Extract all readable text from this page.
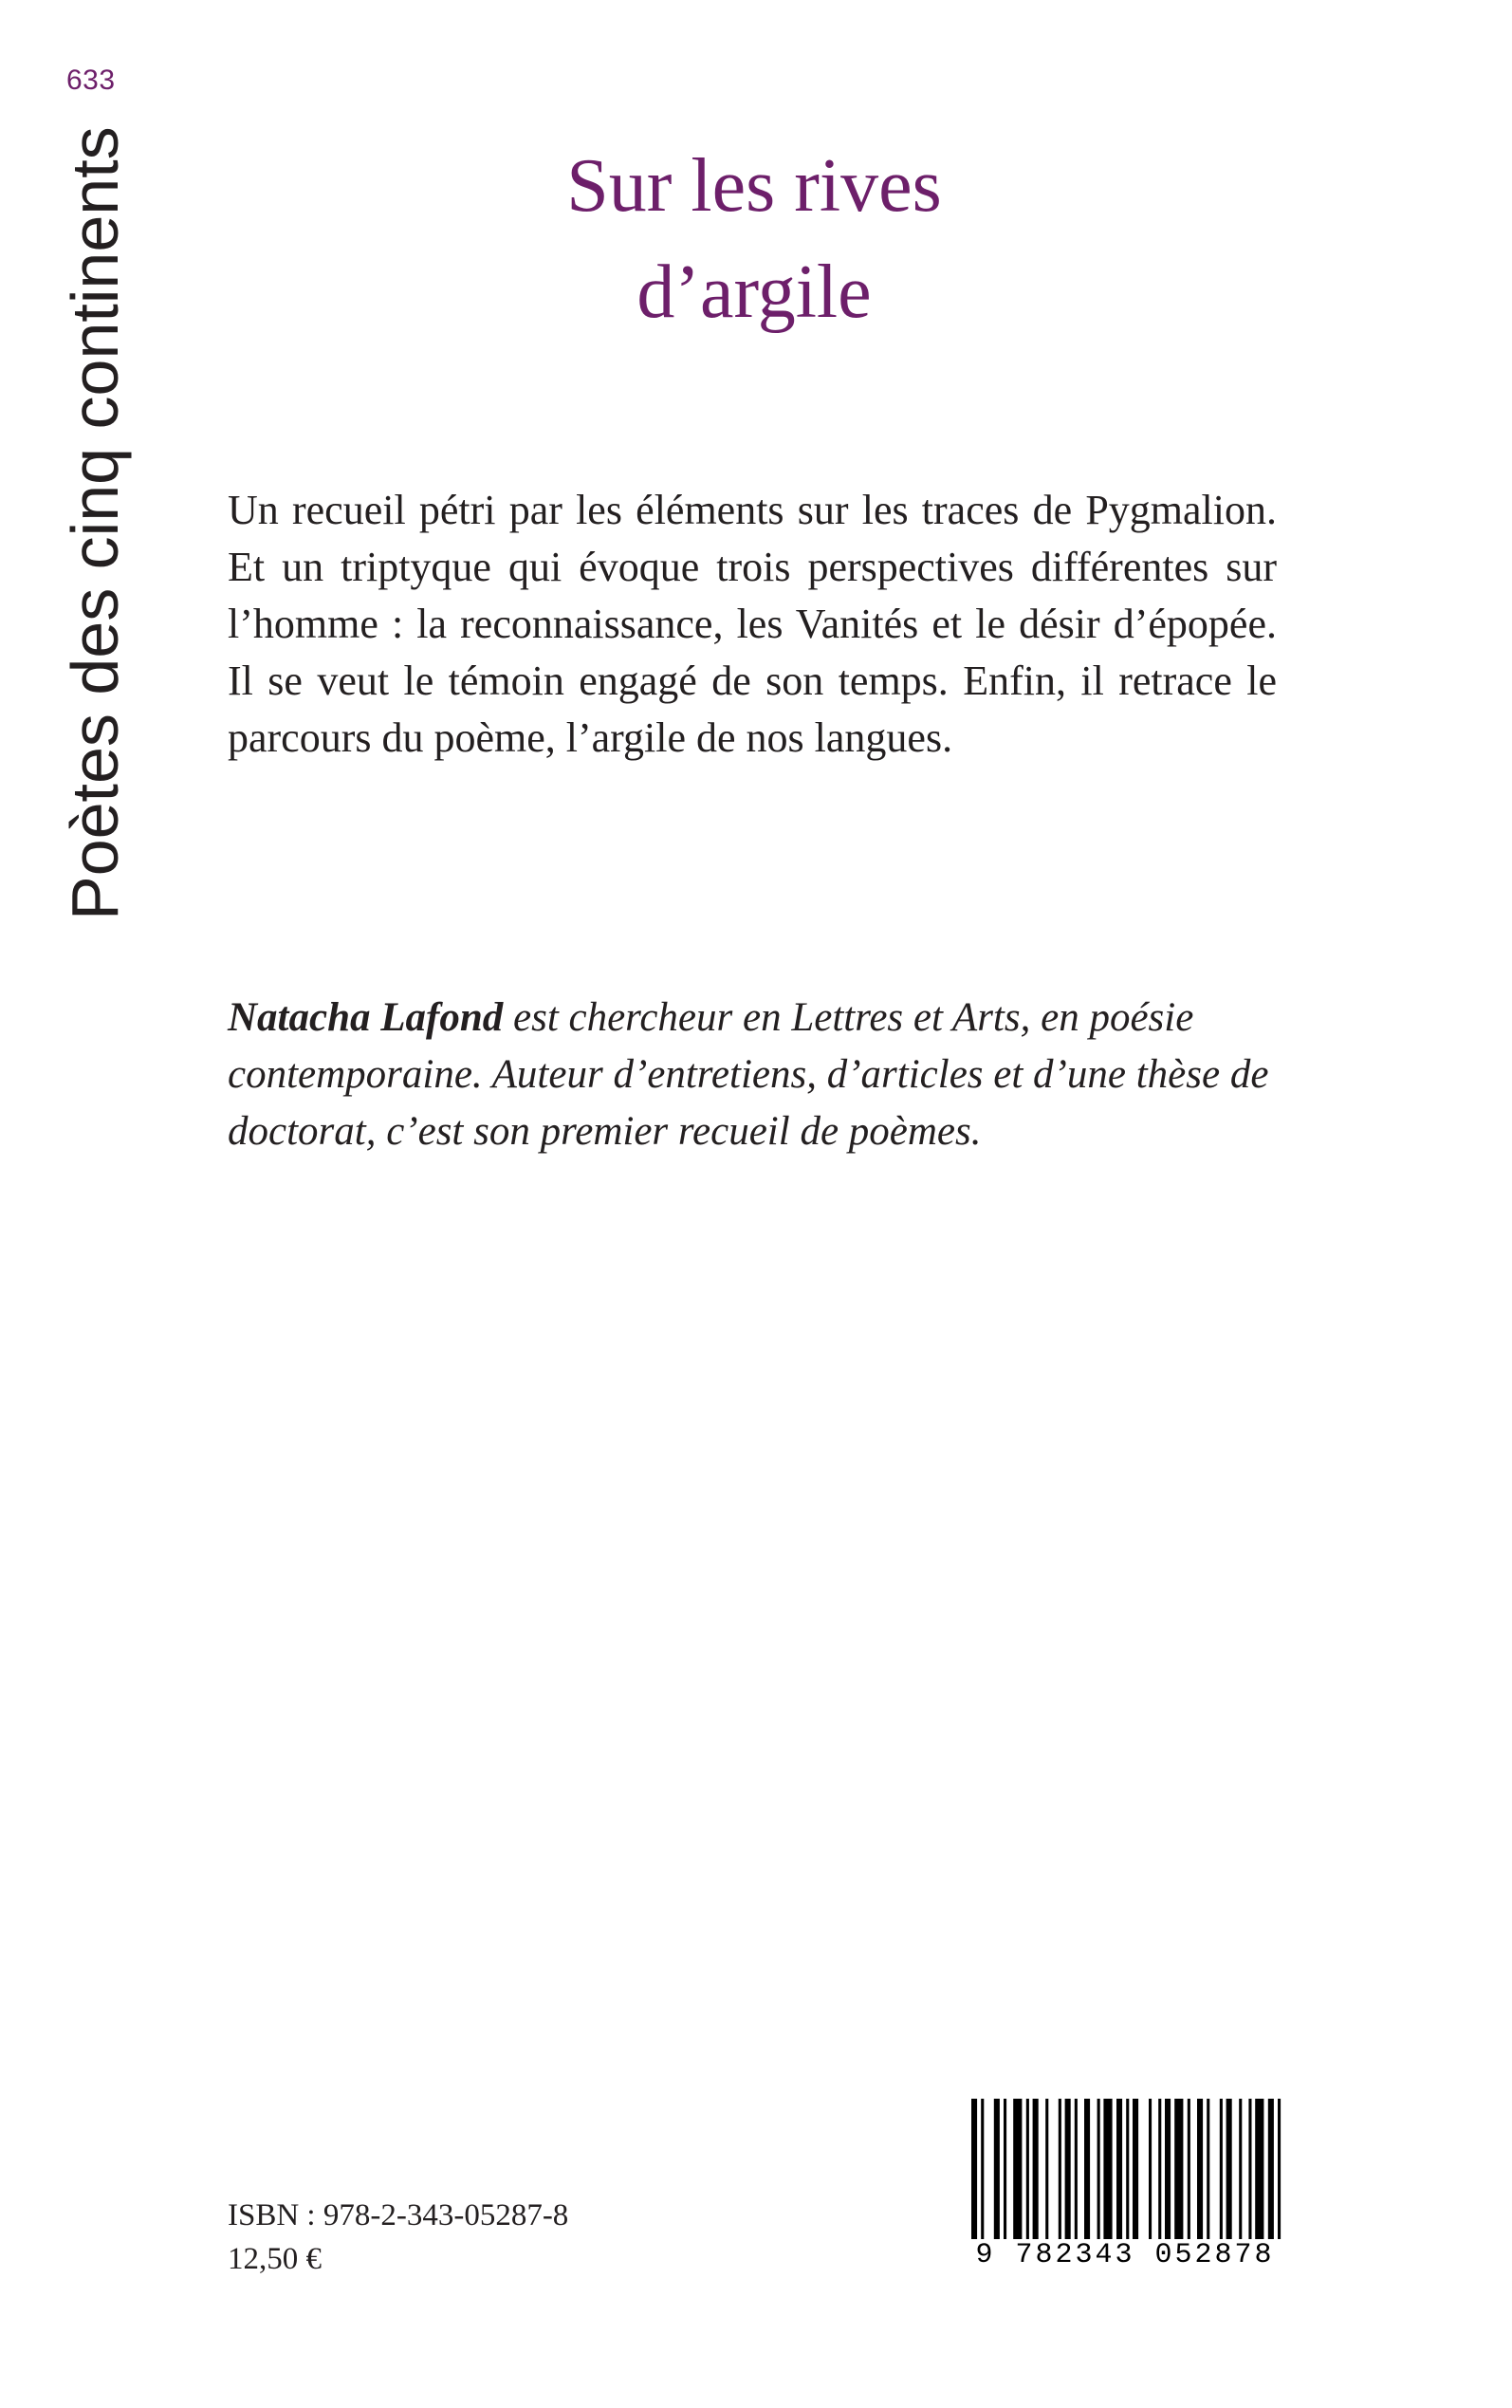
633
Poètes des cinq continents	Sur les rives
d’argile

Un recueil pétri par les éléments sur les traces de Pygmalion. Et un triptyque qui évoque trois perspectives différentes sur l’homme : la reconnaissance, les Vanités et le désir d’épopée. Il se veut le témoin engagé de son temps. Enfin, il retrace le parcours du poème, l’argile de nos langues.

Natacha Lafond est chercheur en Lettres et Arts, en poésie contemporaine. Auteur d’entretiens, d’articles et d’une thèse de doctorat, c’est son premier recueil de poèmes.

ISBN : 978-2-343-05287-8
12,50 €	9 782343 052878
